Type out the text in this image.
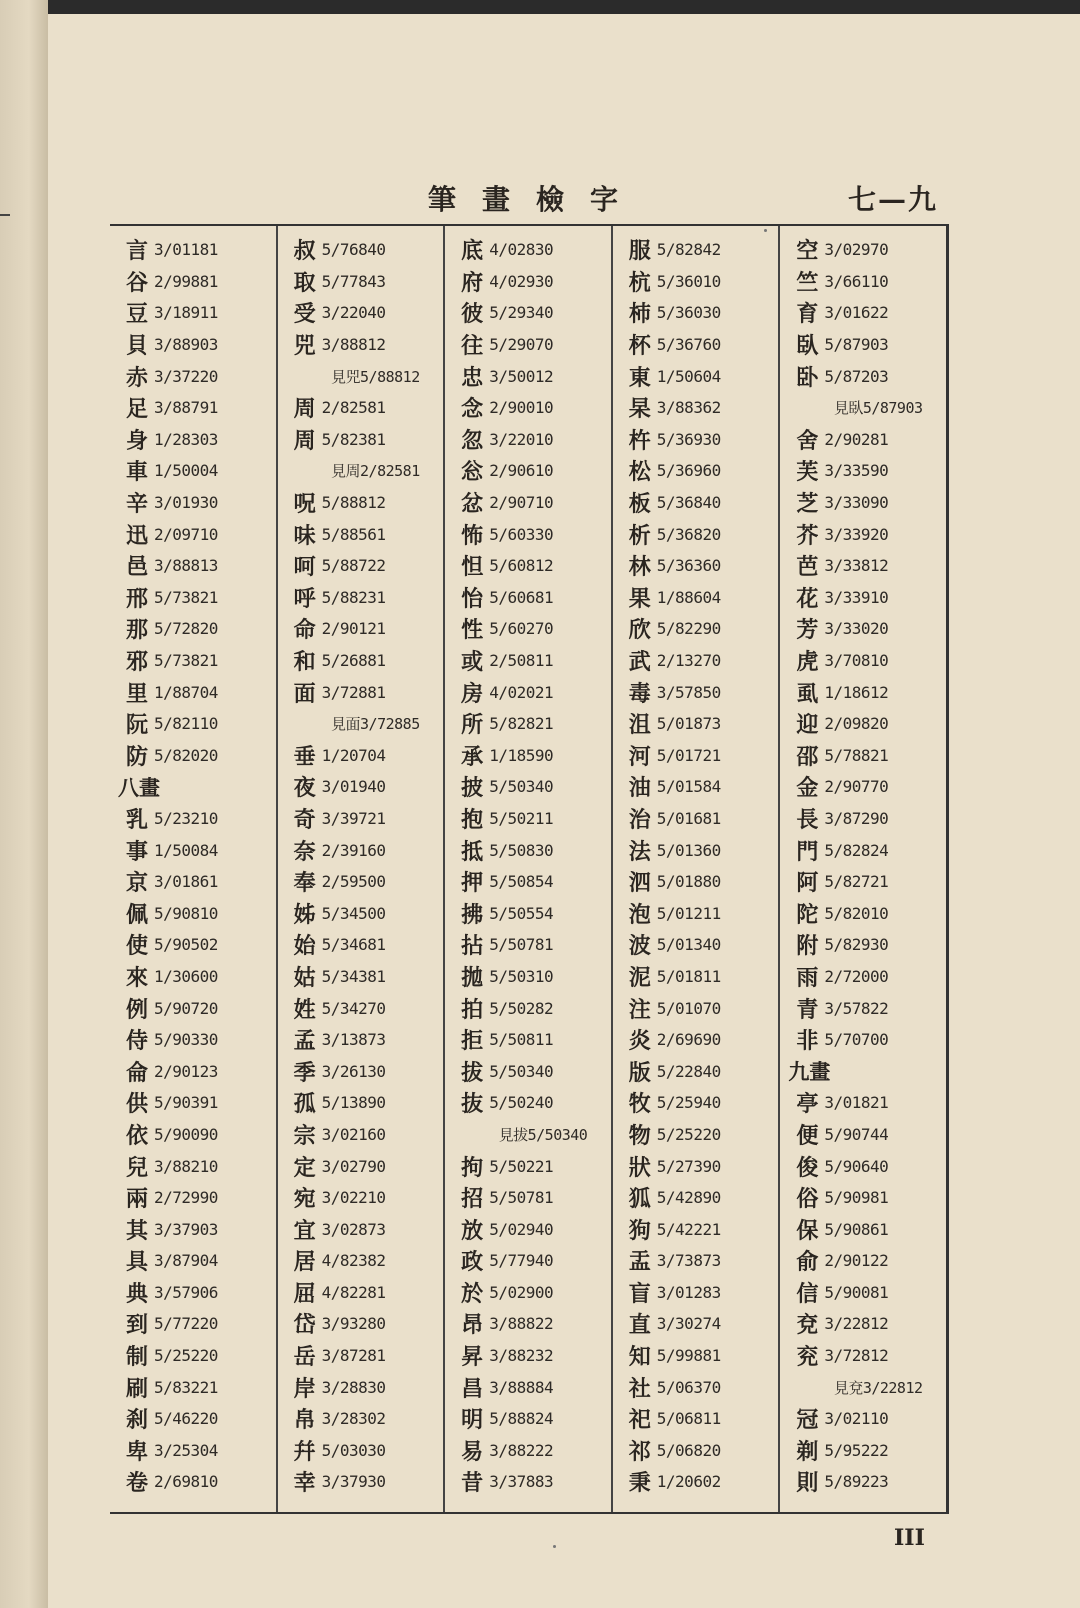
筆畫檢字	七—九
言 3/01181
谷 2/99881
豆 3/18911
貝 3/88903
赤 3/37220
足 3/88791
身 1/28303
車 1/50004
辛 3/01930
迅 2/09710
邑 3/88813
邢 5/73821
那 5/72820
邪 5/73821
里 1/88704
阮 5/82110
防 5/82020
八畫
乳 5/23210
事 1/50084
京 3/01861
佩 5/90810
使 5/90502
來 1/30600
例 5/90720
侍 5/90330
侖 2/90123
供 5/90391
依 5/90090
兒 3/88210
兩 2/72990
其 3/37903
具 3/87904
典 3/57906
到 5/77220
制 5/25220
刷 5/83221
刹 5/46220
卑 3/25304
卷 2/69810
叔 5/76840
取 5/77843
受 3/22040
兕 3/88812
見兕5/88812
周 2/82581
周 5/82381
見周2/82581
呪 5/88812
味 5/88561
呵 5/88722
呼 5/88231
命 2/90121
和 5/26881
面 3/72881
見面3/72885
垂 1/20704
夜 3/01940
奇 3/39721
奈 2/39160
奉 2/59500
姊 5/34500
始 5/34681
姑 5/34381
姓 5/34270
孟 3/13873
季 3/26130
孤 5/13890
宗 3/02160
定 3/02790
宛 3/02210
宜 3/02873
居 4/82382
屈 4/82281
岱 3/93280
岳 3/87281
岸 3/28830
帛 3/28302
幷 5/03030
幸 3/37930
底 4/02830
府 4/02930
彼 5/29340
往 5/29070
忠 3/50012
念 2/90010
忽 3/22010
忩 2/90610
忿 2/90710
怖 5/60330
怛 5/60812
怡 5/60681
性 5/60270
或 2/50811
房 4/02021
所 5/82821
承 1/18590
披 5/50340
抱 5/50211
抵 5/50830
押 5/50854
拂 5/50554
拈 5/50781
拋 5/50310
拍 5/50282
拒 5/50811
拔 5/50340
抜 5/50240
見拔5/50340
拘 5/50221
招 5/50781
放 5/02940
政 5/77940
於 5/02900
昂 3/88822
昇 3/88232
昌 3/88884
明 5/88824
易 3/88222
昔 3/37883
服 5/82842
杭 5/36010
杮 5/36030
杯 5/36760
東 1/50604
杲 3/88362
杵 5/36930
松 5/36960
板 5/36840
析 5/36820
林 5/36360
果 1/88604
欣 5/82290
武 2/13270
毒 3/57850
沮 5/01873
河 5/01721
油 5/01584
治 5/01681
法 5/01360
泗 5/01880
泡 5/01211
波 5/01340
泥 5/01811
注 5/01070
炎 2/69690
版 5/22840
牧 5/25940
物 5/25220
狀 5/27390
狐 5/42890
狗 5/42221
盂 3/73873
盲 3/01283
直 3/30274
知 5/99881
社 5/06370
祀 5/06811
祁 5/06820
秉 1/20602
空 3/02970
竺 3/66110
育 3/01622
臥 5/87903
卧 5/87203
見臥5/87903
舍 2/90281
芙 3/33590
芝 3/33090
芥 3/33920
芭 3/33812
花 3/33910
芳 3/33020
虎 3/70810
虱 1/18612
迎 2/09820
邵 5/78821
金 2/90770
長 3/87290
門 5/82824
阿 5/82721
陀 5/82010
附 5/82930
雨 2/72000
青 3/57822
非 5/70700
九畫
亭 3/01821
便 5/90744
俊 5/90640
俗 5/90981
保 5/90861
俞 2/90122
信 5/90081
兗 3/22812
兖 3/72812
見兗3/22812
冠 3/02110
剃 5/95222
則 5/89223
III
